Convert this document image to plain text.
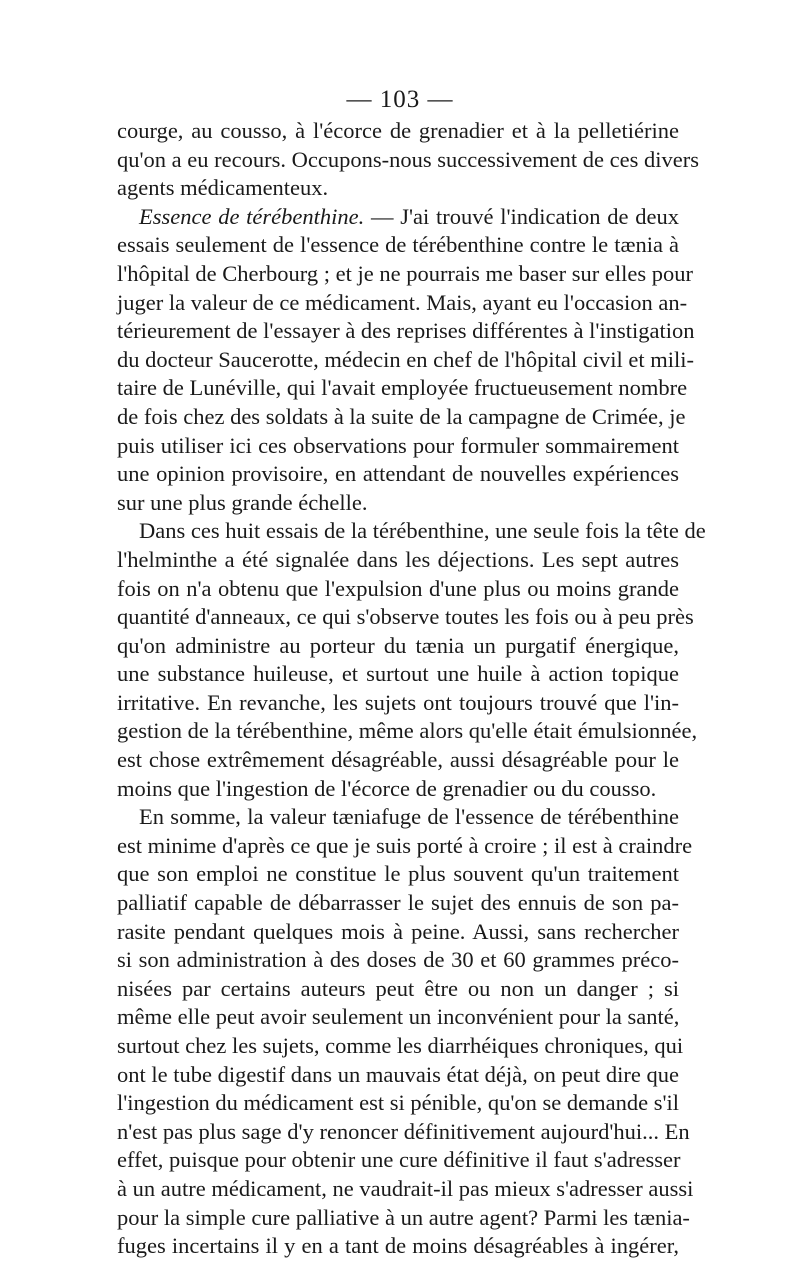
— 103 —
courge, au cousso, à l'écorce de grenadier et à la pelletiérine
qu'on a eu recours. Occupons-nous successivement de ces divers
agents médicamenteux.
Essence de térébenthine. — J'ai trouvé l'indication de deux
essais seulement de l'essence de térébenthine contre le tænia à
l'hôpital de Cherbourg ; et je ne pourrais me baser sur elles pour
juger la valeur de ce médicament. Mais, ayant eu l'occasion an-
térieurement de l'essayer à des reprises différentes à l'instigation
du docteur Saucerotte, médecin en chef de l'hôpital civil et mili-
taire de Lunéville, qui l'avait employée fructueusement nombre
de fois chez des soldats à la suite de la campagne de Crimée, je
puis utiliser ici ces observations pour formuler sommairement
une opinion provisoire, en attendant de nouvelles expériences
sur une plus grande échelle.
Dans ces huit essais de la térébenthine, une seule fois la tête de
l'helminthe a été signalée dans les déjections. Les sept autres
fois on n'a obtenu que l'expulsion d'une plus ou moins grande
quantité d'anneaux, ce qui s'observe toutes les fois ou à peu près
qu'on administre au porteur du tænia un purgatif énergique,
une substance huileuse, et surtout une huile à action topique
irritative. En revanche, les sujets ont toujours trouvé que l'in-
gestion de la térébenthine, même alors qu'elle était émulsionnée,
est chose extrêmement désagréable, aussi désagréable pour le
moins que l'ingestion de l'écorce de grenadier ou du cousso.
En somme, la valeur tæniafuge de l'essence de térébenthine
est minime d'après ce que je suis porté à croire ; il est à craindre
que son emploi ne constitue le plus souvent qu'un traitement
palliatif capable de débarrasser le sujet des ennuis de son pa-
rasite pendant quelques mois à peine. Aussi, sans rechercher
si son administration à des doses de 30 et 60 grammes préco-
nisées par certains auteurs peut être ou non un danger ; si
même elle peut avoir seulement un inconvénient pour la santé,
surtout chez les sujets, comme les diarrhéiques chroniques, qui
ont le tube digestif dans un mauvais état déjà, on peut dire que
l'ingestion du médicament est si pénible, qu'on se demande s'il
n'est pas plus sage d'y renoncer définitivement aujourd'hui... En
effet, puisque pour obtenir une cure définitive il faut s'adresser
à un autre médicament, ne vaudrait-il pas mieux s'adresser aussi
pour la simple cure palliative à un autre agent? Parmi les tænia-
fuges incertains il y en a tant de moins désagréables à ingérer,
